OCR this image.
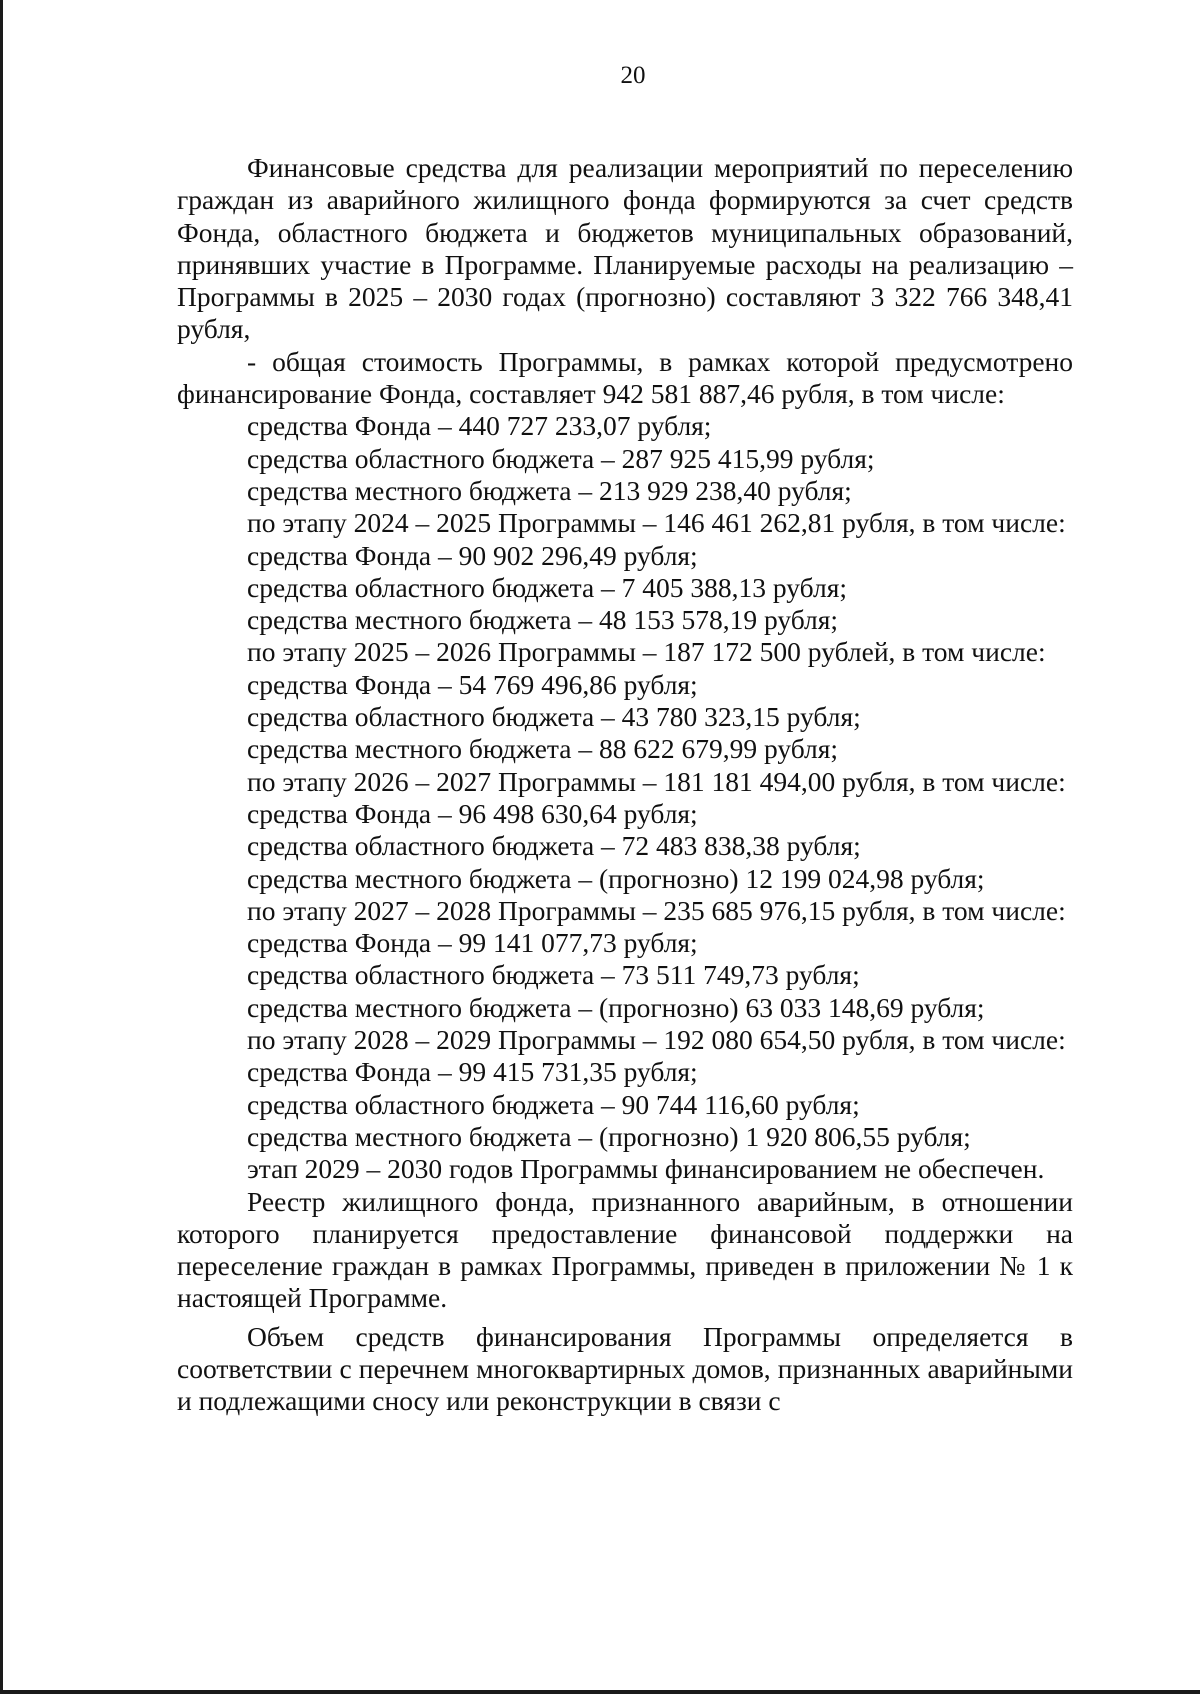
20

Финансовые средства для реализации мероприятий по переселению граждан из аварийного жилищного фонда формируются за счет средств Фонда, областного бюджета и бюджетов муниципальных образований, принявших участие в Программе. Планируемые расходы на реализацию – Программы в 2025 – 2030 годах (прогнозно) составляют 3 322 766 348,41 рубля,

- общая стоимость Программы, в рамках которой предусмотрено финансирование Фонда, составляет 942 581 887,46 рубля, в том числе:

средства Фонда – 440 727 233,07 рубля;

средства областного бюджета – 287 925 415,99 рубля;

средства местного бюджета – 213 929 238,40 рубля;

по этапу 2024 – 2025 Программы – 146 461 262,81 рубля, в том числе:

средства Фонда – 90 902 296,49 рубля;

средства областного бюджета – 7 405 388,13 рубля;

средства местного бюджета – 48 153 578,19 рубля;

по этапу 2025 – 2026 Программы – 187 172 500 рублей, в том числе:

средства Фонда – 54 769 496,86 рубля;

средства областного бюджета – 43 780 323,15 рубля;

средства местного бюджета – 88 622 679,99 рубля;

по этапу 2026 – 2027 Программы – 181 181 494,00 рубля, в том числе:

средства Фонда – 96 498 630,64 рубля;

средства областного бюджета – 72 483 838,38 рубля;

средства местного бюджета – (прогнозно) 12 199 024,98 рубля;

по этапу 2027 – 2028 Программы – 235 685 976,15 рубля, в том числе:

средства Фонда – 99 141 077,73 рубля;

средства областного бюджета – 73 511 749,73 рубля;

средства местного бюджета – (прогнозно) 63 033 148,69 рубля;

по этапу 2028 – 2029 Программы – 192 080 654,50 рубля, в том числе:

средства Фонда – 99 415 731,35 рубля;

средства областного бюджета – 90 744 116,60 рубля;

средства местного бюджета – (прогнозно) 1 920 806,55 рубля;

этап 2029 – 2030 годов Программы финансированием не обеспечен.

Реестр жилищного фонда, признанного аварийным, в отношении которого планируется предоставление финансовой поддержки на переселение граждан в рамках Программы, приведен в приложении № 1 к настоящей Программе.

Объем средств финансирования Программы определяется в соответствии с перечнем многоквартирных домов, признанных аварийными и подлежащими сносу или реконструкции в связи с
